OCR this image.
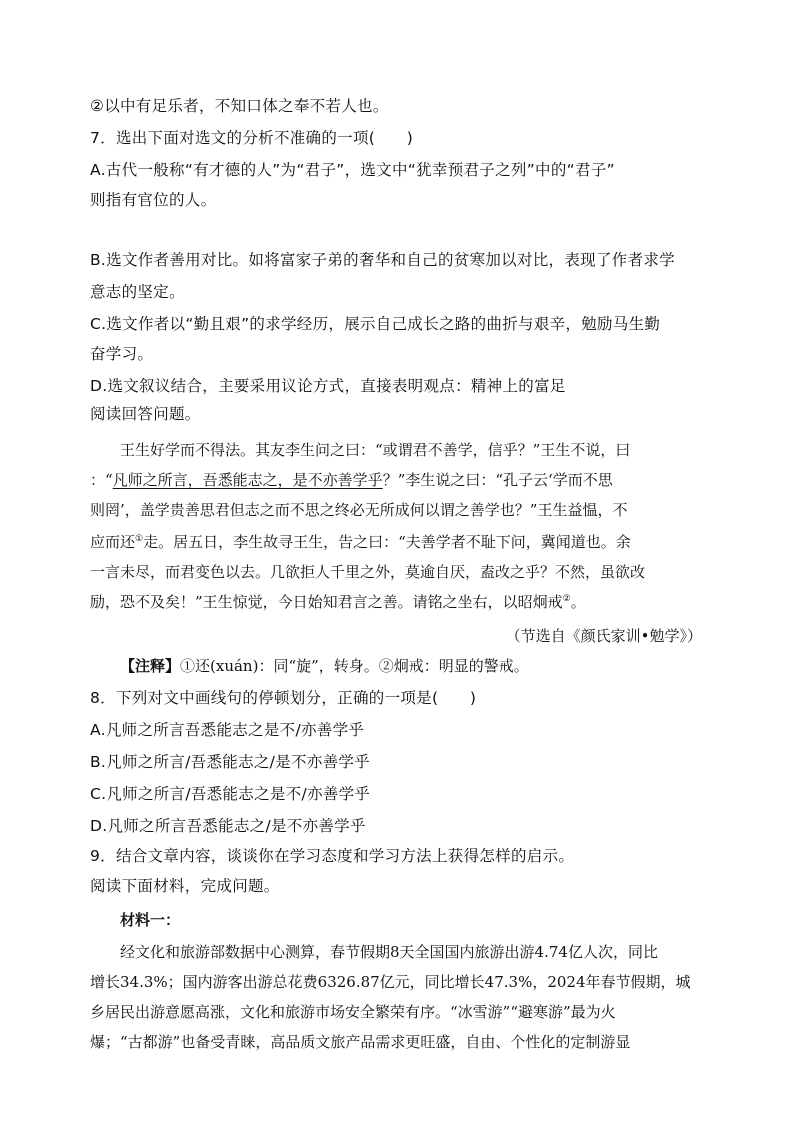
②以中有足乐者，不知口体之奉不若人也。
7．选出下面对选文的分析不准确的一项(　　)
A.古代一般称“有才德的人”为“君子”，选文中“犹幸预君子之列”中的“君子”
则指有官位的人。
B.选文作者善用对比。如将富家子弟的奢华和自己的贫寒加以对比，表现了作者求学
意志的坚定。
C.选文作者以“勤且艰”的求学经历，展示自己成长之路的曲折与艰辛，勉励马生勤
奋学习。
D.选文叙议结合，主要采用议论方式，直接表明观点：精神上的富足
阅读回答问题。
王生好学而不得法。其友李生问之曰：“或谓君不善学，信乎？”王生不说，曰
：“凡师之所言，吾悉能志之，是不亦善学乎？”李生说之曰：“孔子云‘学而不思
则罔’，盖学贵善思君但志之而不思之终必无所成何以谓之善学也？”王生益愠，不
应而还①走。居五日，李生故寻王生，告之曰：“夫善学者不耻下问，冀闻道也。余
一言未尽，而君变色以去。几欲拒人千里之外，莫逾自厌，盍改之乎？不然，虽欲改
励，恐不及矣！”王生惊觉，今日始知君言之善。请铭之坐右，以昭炯戒②。
（节选自《颜氏家训•勉学》）
【注释】①还(xuán)：同“旋”，转身。②炯戒：明显的警戒。
8．下列对文中画线句的停顿划分，正确的一项是(　　)
A.凡师之所言吾悉能志之是不/亦善学乎
B.凡师之所言/吾悉能志之/是不亦善学乎
C.凡师之所言/吾悉能志之是不/亦善学乎
D.凡师之所言吾悉能志之/是不亦善学乎
9．结合文章内容，谈谈你在学习态度和学习方法上获得怎样的启示。
阅读下面材料，完成问题。
材料一：
经文化和旅游部数据中心测算，春节假期8天全国国内旅游出游4.74亿人次，同比
增长34.3%；国内游客出游总花费6326.87亿元，同比增长47.3%，2024年春节假期，城
乡居民出游意愿高涨，文化和旅游市场安全繁荣有序。“冰雪游”“避寒游”最为火
爆；“古都游”也备受青睐，高品质文旅产品需求更旺盛，自由、个性化的定制游显
